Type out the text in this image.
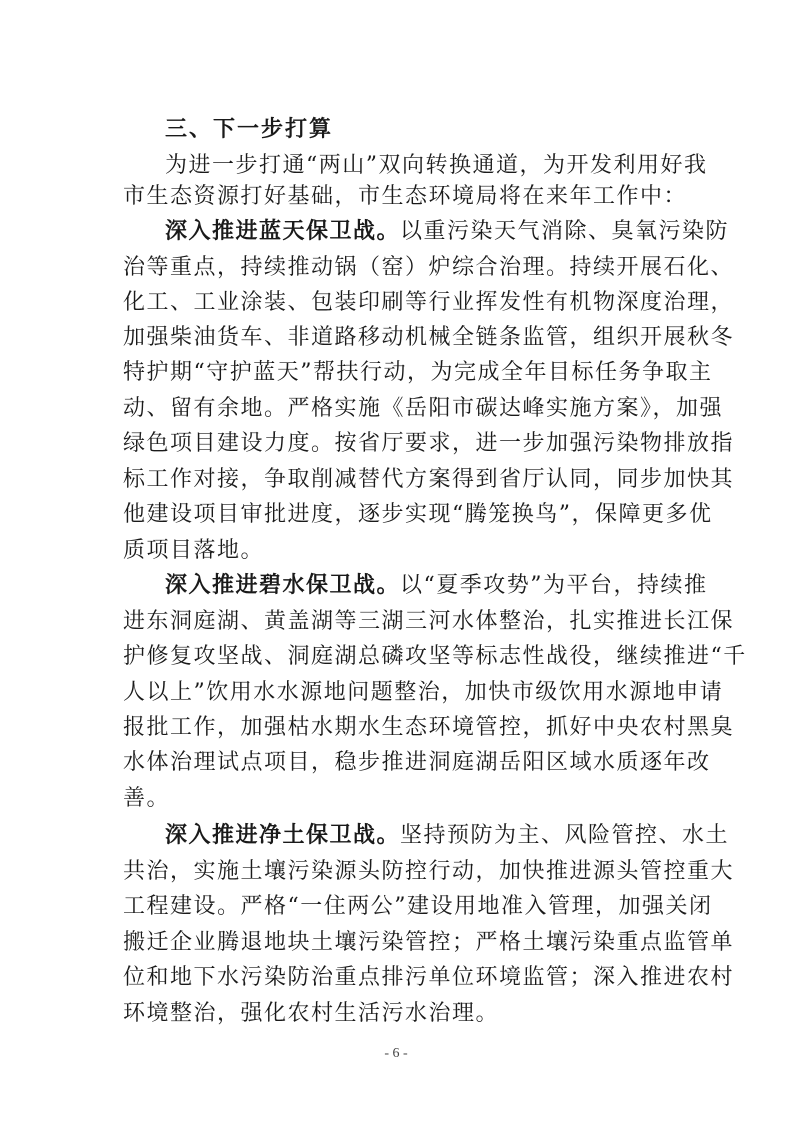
三、下一步打算
为进一步打通“两山”双向转换通道，为开发利用好我
市生态资源打好基础，市生态环境局将在来年工作中：
深入推进蓝天保卫战。以重污染天气消除、臭氧污染防
治等重点，持续推动锅（窑）炉综合治理。持续开展石化、
化工、工业涂装、包装印刷等行业挥发性有机物深度治理，
加强柴油货车、非道路移动机械全链条监管，组织开展秋冬
特护期“守护蓝天”帮扶行动，为完成全年目标任务争取主
动、留有余地。严格实施《岳阳市碳达峰实施方案》，加强
绿色项目建设力度。按省厅要求，进一步加强污染物排放指
标工作对接，争取削减替代方案得到省厅认同，同步加快其
他建设项目审批进度，逐步实现“腾笼换鸟”，保障更多优
质项目落地。
深入推进碧水保卫战。以“夏季攻势”为平台，持续推
进东洞庭湖、黄盖湖等三湖三河水体整治，扎实推进长江保
护修复攻坚战、洞庭湖总磷攻坚等标志性战役，继续推进“千
人以上”饮用水水源地问题整治，加快市级饮用水源地申请
报批工作，加强枯水期水生态环境管控，抓好中央农村黑臭
水体治理试点项目，稳步推进洞庭湖岳阳区域水质逐年改
善。
深入推进净土保卫战。坚持预防为主、风险管控、水土
共治，实施土壤污染源头防控行动，加快推进源头管控重大
工程建设。严格“一住两公”建设用地准入管理，加强关闭
搬迁企业腾退地块土壤污染管控；严格土壤污染重点监管单
位和地下水污染防治重点排污单位环境监管；深入推进农村
环境整治，强化农村生活污水治理。
- 6 -
